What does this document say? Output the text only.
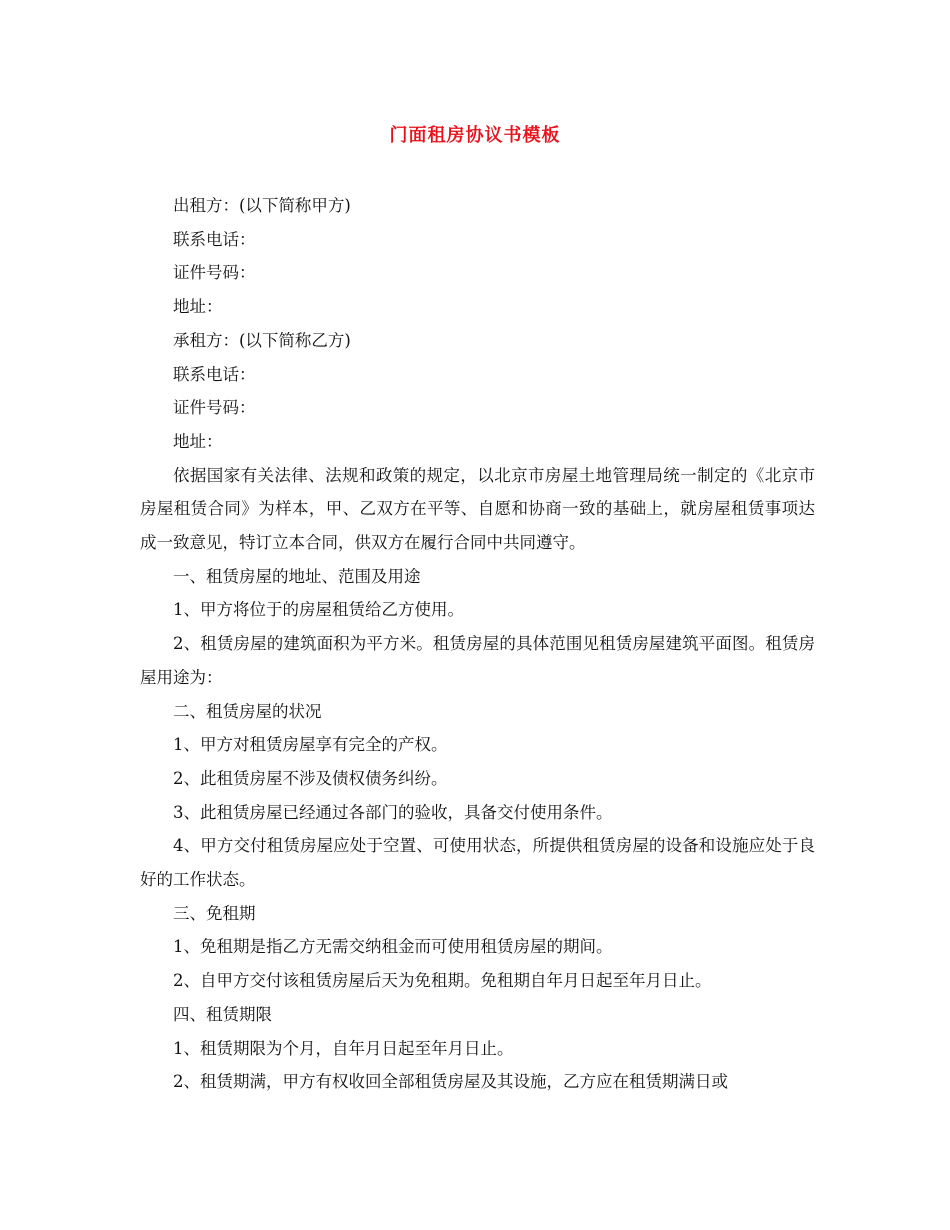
门面租房协议书模板

出租方：(以下简称甲方)

联系电话：

证件号码：

地址：

承租方：(以下简称乙方)

联系电话：

证件号码：

地址：

依据国家有关法律、法规和政策的规定，以北京市房屋土地管理局统一制定的《北京市房屋租赁合同》为样本，甲、乙双方在平等、自愿和协商一致的基础上，就房屋租赁事项达成一致意见，特订立本合同，供双方在履行合同中共同遵守。

一、租赁房屋的地址、范围及用途

1、甲方将位于的房屋租赁给乙方使用。

2、租赁房屋的建筑面积为平方米。租赁房屋的具体范围见租赁房屋建筑平面图。租赁房屋用途为：

二、租赁房屋的状况

1、甲方对租赁房屋享有完全的产权。

2、此租赁房屋不涉及债权债务纠纷。

3、此租赁房屋已经通过各部门的验收，具备交付使用条件。

4、甲方交付租赁房屋应处于空置、可使用状态，所提供租赁房屋的设备和设施应处于良好的工作状态。

三、免租期

1、免租期是指乙方无需交纳租金而可使用租赁房屋的期间。

2、自甲方交付该租赁房屋后天为免租期。免租期自年月日起至年月日止。

四、租赁期限

1、租赁期限为个月，自年月日起至年月日止。

2、租赁期满，甲方有权收回全部租赁房屋及其设施，乙方应在租赁期满日或
